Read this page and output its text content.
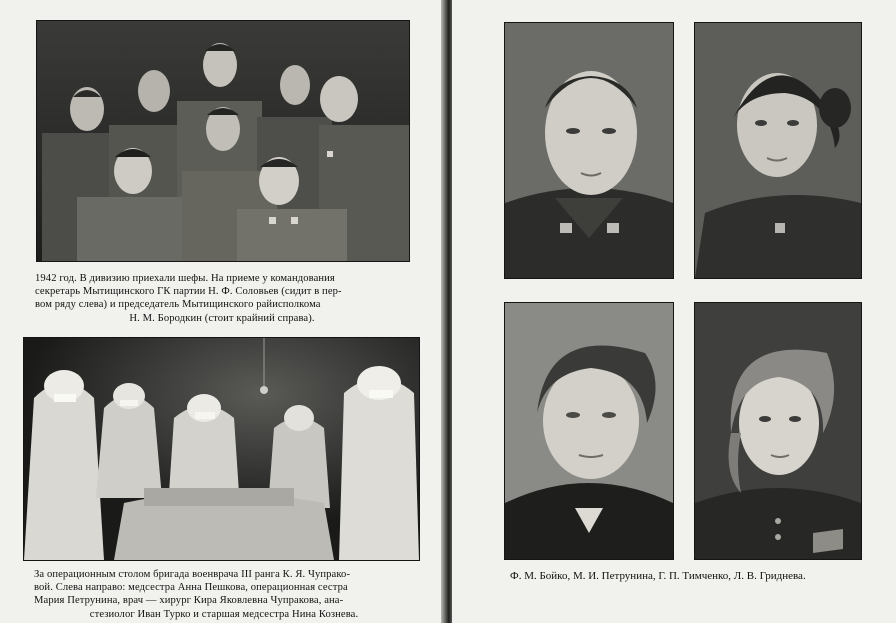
1942 год. В дивизию приехали шефы. На приеме у командования
секретарь Мытищинского ГК партии Н. Ф. Соловьев (сидит в пер-
вом ряду слева) и председатель Мытищинского райисполкома
Н. М. Бородкин (стоит крайний справа).
За операционным столом бригада военврача III ранга К. Я. Чупрако-
вой. Слева направо: медсестра Анна Пешкова, операционная сестра
Мария Петрунина, врач — хирург Кира Яковлевна Чупракова, ана-
стезиолог Иван Турко и старшая медсестра Нина Кознева.
Ф. М. Бойко, М. И. Петрунина, Г. П. Тимченко, Л. В. Гриднева.
